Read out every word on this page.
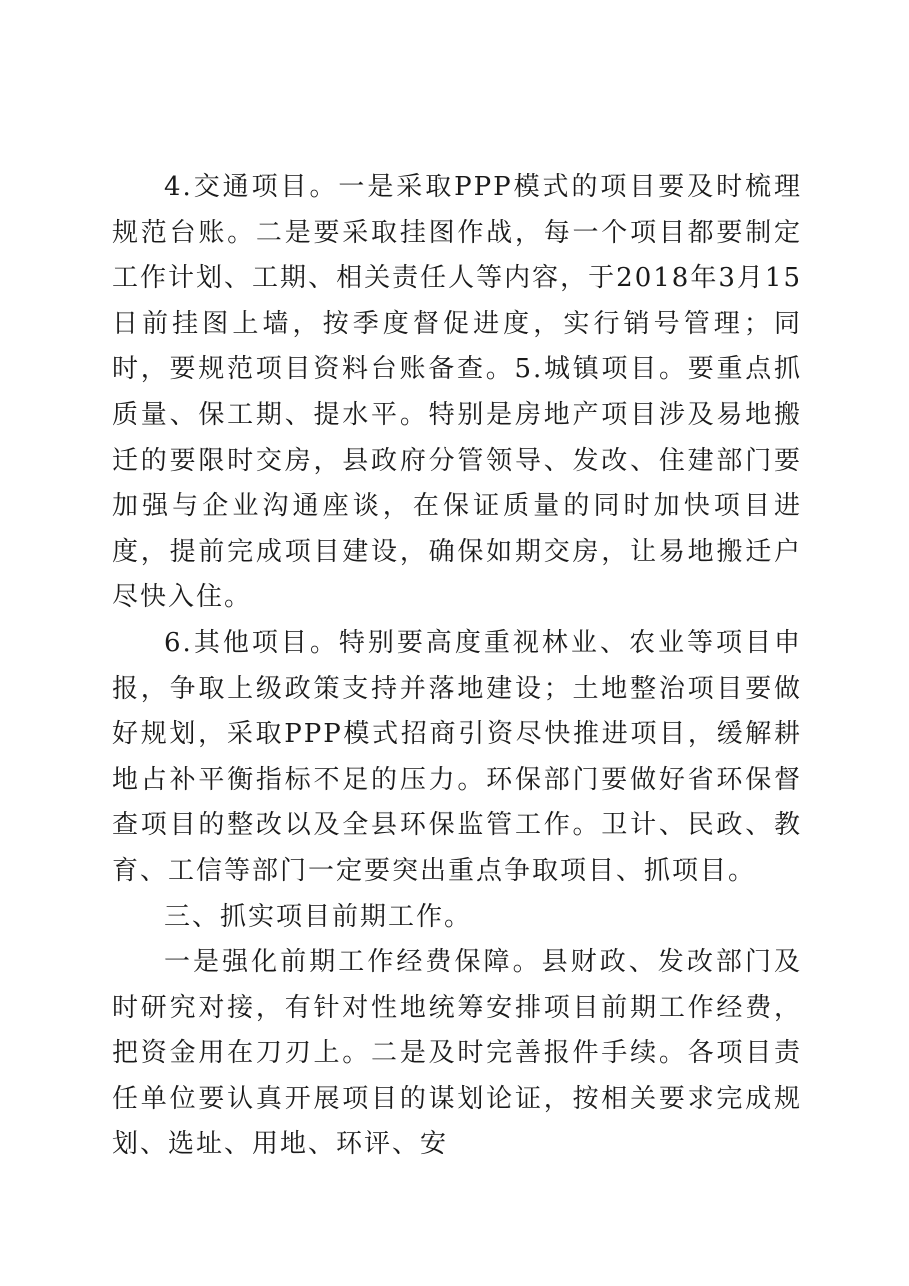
4.交通项目。一是采取PPP模式的项目要及时梳理规范台账。二是要采取挂图作战，每一个项目都要制定工作计划、工期、相关责任人等内容，于2018年3月15日前挂图上墙，按季度督促进度，实行销号管理；同时，要规范项目资料台账备查。5.城镇项目。要重点抓质量、保工期、提水平。特别是房地产项目涉及易地搬迁的要限时交房，县政府分管领导、发改、住建部门要加强与企业沟通座谈，在保证质量的同时加快项目进度，提前完成项目建设，确保如期交房，让易地搬迁户尽快入住。

6.其他项目。特别要高度重视林业、农业等项目申报，争取上级政策支持并落地建设；土地整治项目要做好规划，采取PPP模式招商引资尽快推进项目，缓解耕地占补平衡指标不足的压力。环保部门要做好省环保督查项目的整改以及全县环保监管工作。卫计、民政、教育、工信等部门一定要突出重点争取项目、抓项目。

三、抓实项目前期工作。

一是强化前期工作经费保障。县财政、发改部门及时研究对接，有针对性地统筹安排项目前期工作经费，把资金用在刀刃上。二是及时完善报件手续。各项目责任单位要认真开展项目的谋划论证，按相关要求完成规划、选址、用地、环评、安
